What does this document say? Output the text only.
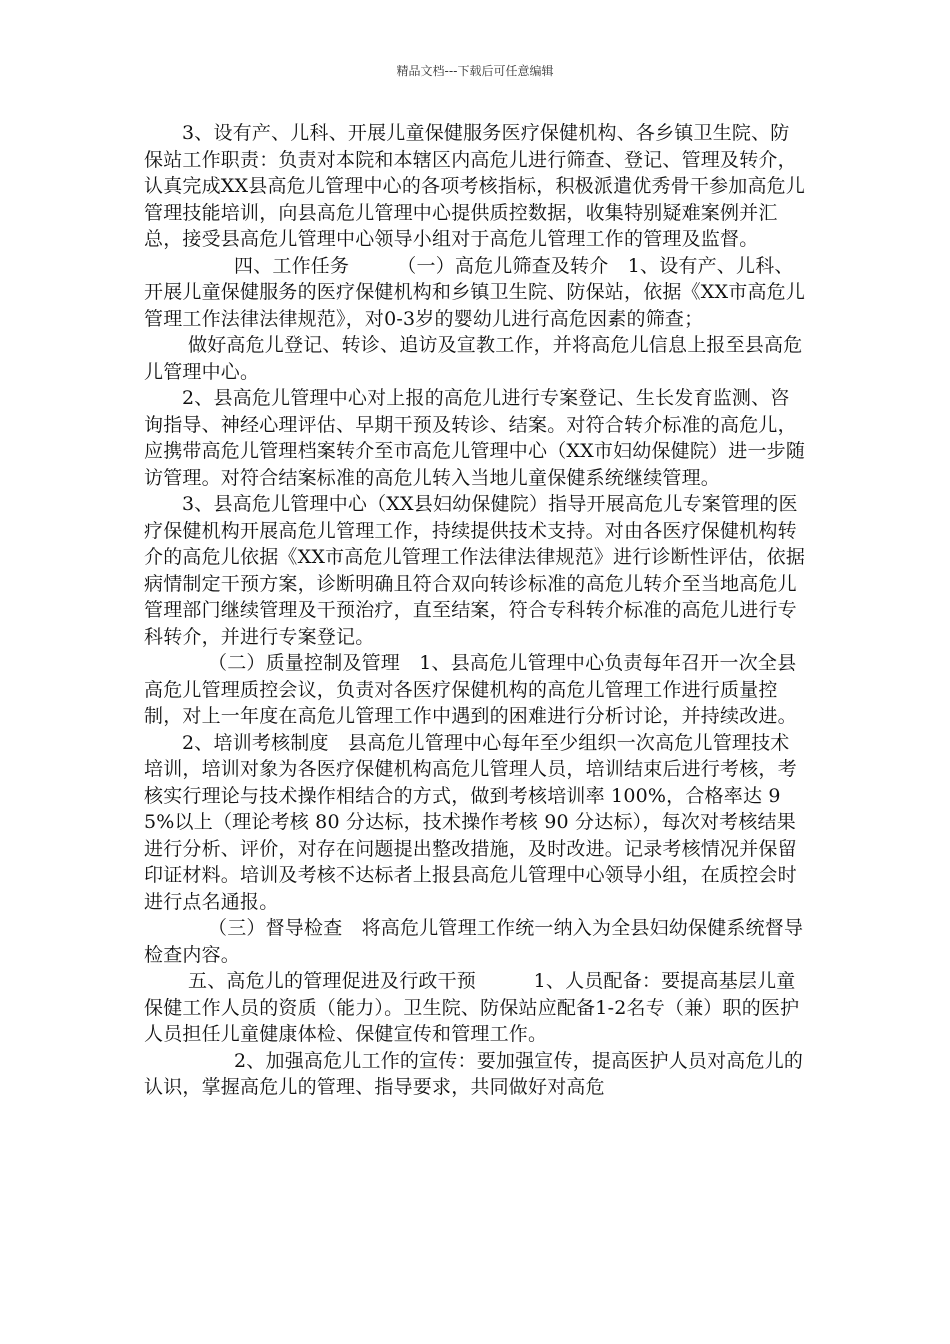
精品文档---下载后可任意编辑

3、设有产、儿科、开展儿童保健服务医疗保健机构、各乡镇卫生院、防保站工作职责：负责对本院和本辖区内高危儿进行筛查、登记、管理及转介，认真完成XX县高危儿管理中心的各项考核指标，积极派遣优秀骨干参加高危儿管理技能培训，向县高危儿管理中心提供质控数据，收集特别疑难案例并汇总，接受县高危儿管理中心领导小组对于高危儿管理工作的管理及监督。

四、工作任务　　　（一）高危儿筛查及转介　1、设有产、儿科、开展儿童保健服务的医疗保健机构和乡镇卫生院、防保站，依据《XX市高危儿管理工作法律法律规范》，对0-3岁的婴幼儿进行高危因素的筛查；

做好高危儿登记、转诊、追访及宣教工作，并将高危儿信息上报至县高危儿管理中心。

2、县高危儿管理中心对上报的高危儿进行专案登记、生长发育监测、咨询指导、神经心理评估、早期干预及转诊、结案。对符合转介标准的高危儿，应携带高危儿管理档案转介至市高危儿管理中心（XX市妇幼保健院）进一步随访管理。对符合结案标准的高危儿转入当地儿童保健系统继续管理。

3、县高危儿管理中心（XX县妇幼保健院）指导开展高危儿专案管理的医疗保健机构开展高危儿管理工作，持续提供技术支持。对由各医疗保健机构转介的高危儿依据《XX市高危儿管理工作法律法律规范》进行诊断性评估，依据病情制定干预方案，诊断明确且符合双向转诊标准的高危儿转介至当地高危儿管理部门继续管理及干预治疗，直至结案，符合专科转介标准的高危儿进行专科转介，并进行专案登记。

（二）质量控制及管理　1、县高危儿管理中心负责每年召开一次全县高危儿管理质控会议，负责对各医疗保健机构的高危儿管理工作进行质量控制，对上一年度在高危儿管理工作中遇到的困难进行分析讨论，并持续改进。

2、培训考核制度　县高危儿管理中心每年至少组织一次高危儿管理技术培训，培训对象为各医疗保健机构高危儿管理人员，培训结束后进行考核，考核实行理论与技术操作相结合的方式，做到考核培训率 100%，合格率达 95%以上（理论考核 80 分达标，技术操作考核 90 分达标），每次对考核结果进行分析、评价，对存在问题提出整改措施，及时改进。记录考核情况并保留印证材料。培训及考核不达标者上报县高危儿管理中心领导小组，在质控会时进行点名通报。

（三）督导检查　将高危儿管理工作统一纳入为全县妇幼保健系统督导检查内容。

五、高危儿的管理促进及行政干预　　　1、人员配备：要提高基层儿童保健工作人员的资质（能力）。卫生院、防保站应配备1-2名专（兼）职的医护人员担任儿童健康体检、保健宣传和管理工作。

2、加强高危儿工作的宣传：要加强宣传，提高医护人员对高危儿的认识，掌握高危儿的管理、指导要求，共同做好对高危
